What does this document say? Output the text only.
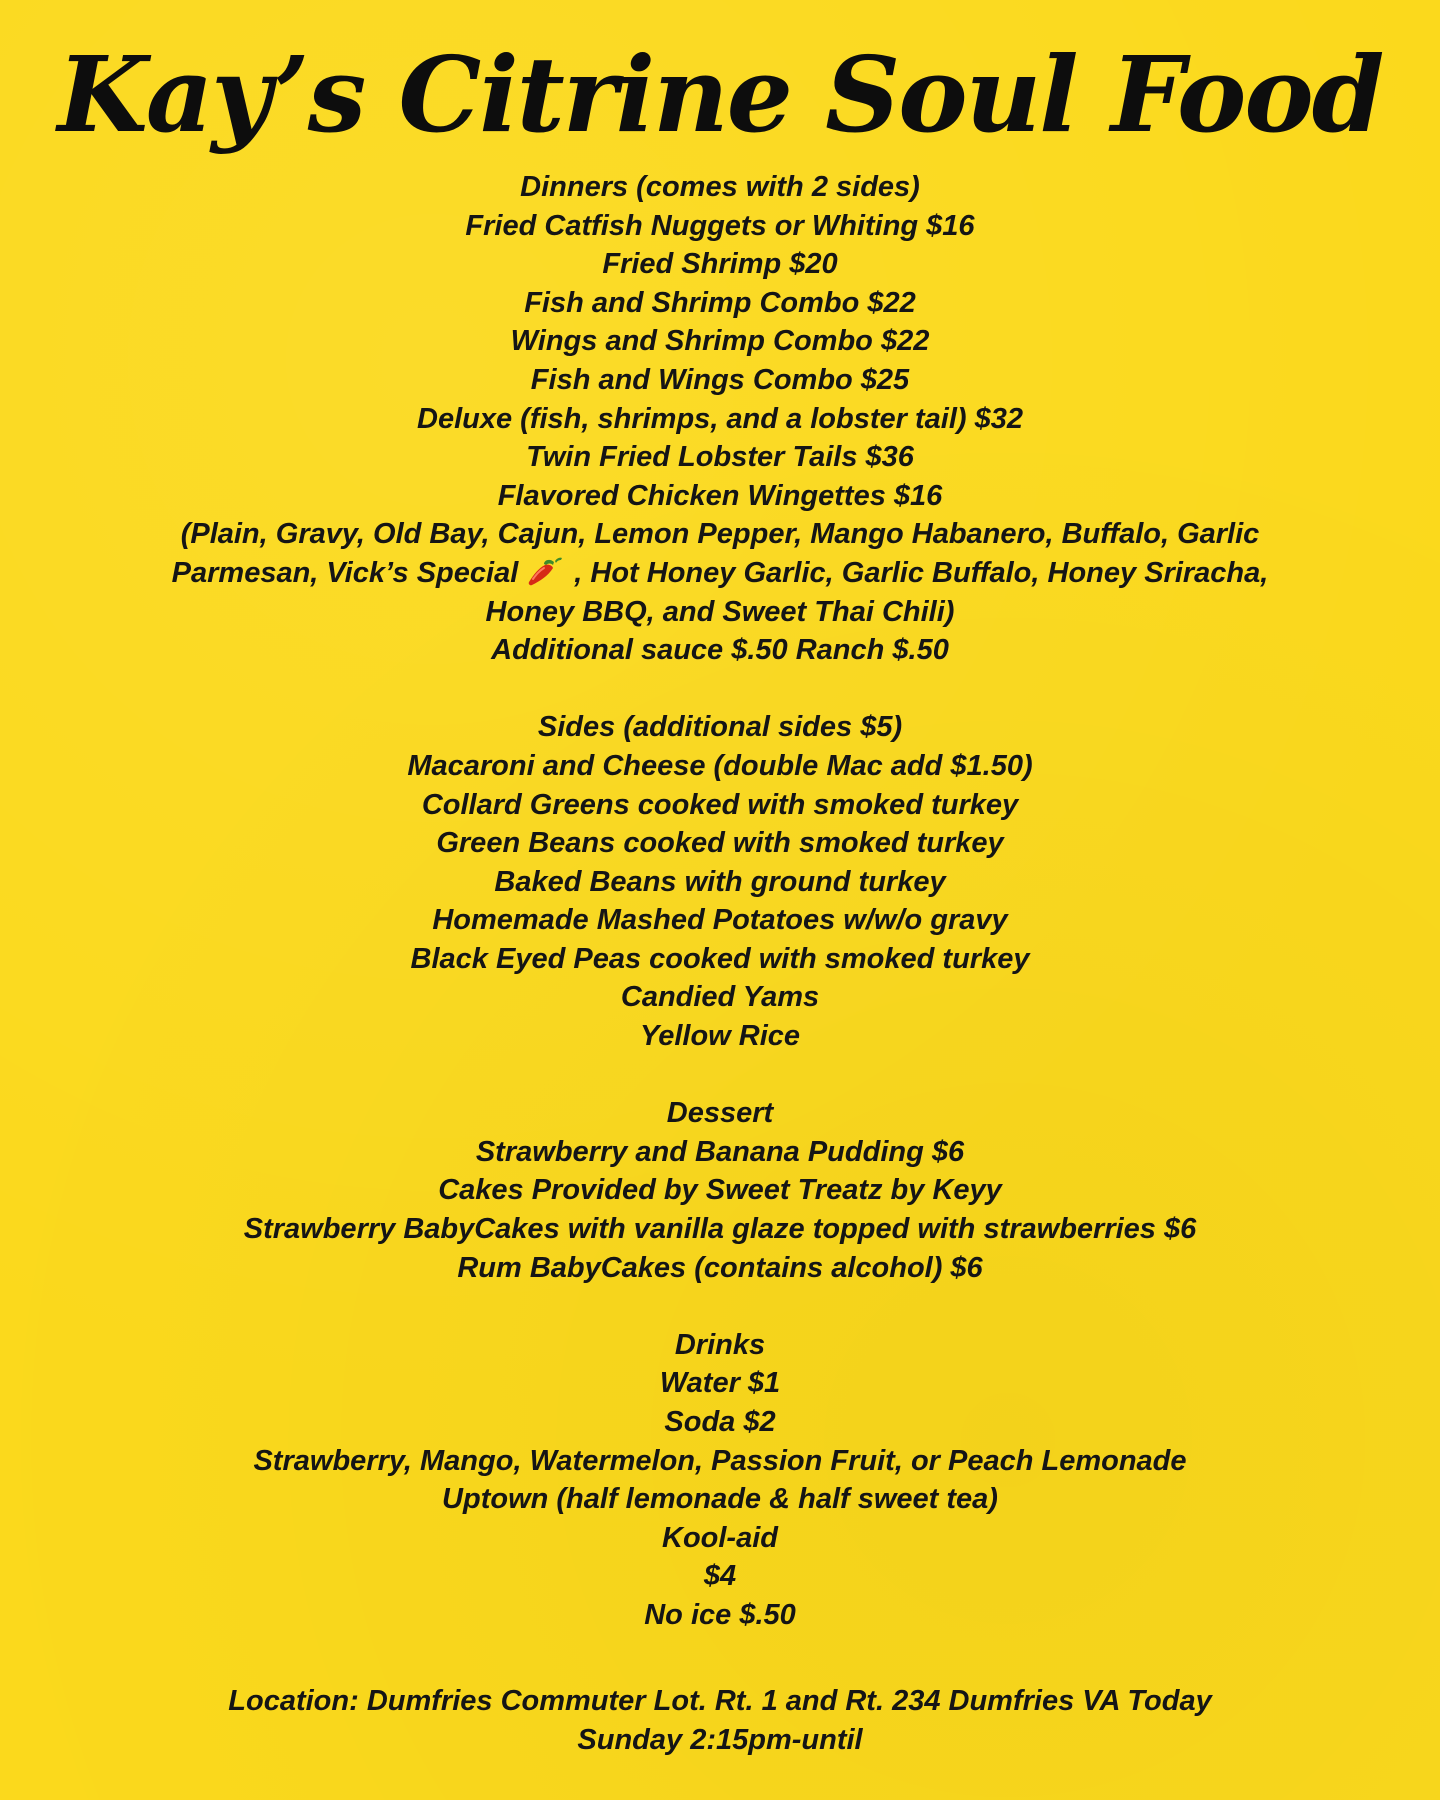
Kay’s Citrine Soul Food
Dinners (comes with 2 sides)
Fried Catfish Nuggets or Whiting $16
Fried Shrimp $20
Fish and Shrimp Combo $22
Wings and Shrimp Combo $22
Fish and Wings Combo $25
Deluxe (fish, shrimps, and a lobster tail) $32
Twin Fried Lobster Tails $36
Flavored Chicken Wingettes $16
(Plain, Gravy, Old Bay, Cajun, Lemon Pepper, Mango Habanero, Buffalo, Garlic
Parmesan, Vick’s Special , Hot Honey Garlic, Garlic Buffalo, Honey Sriracha,
Honey BBQ, and Sweet Thai Chili)
Additional sauce $.50 Ranch $.50
Sides (additional sides $5)
Macaroni and Cheese (double Mac add $1.50)
Collard Greens cooked with smoked turkey
Green Beans cooked with smoked turkey
Baked Beans with ground turkey
Homemade Mashed Potatoes w/w/o gravy
Black Eyed Peas cooked with smoked turkey
Candied Yams
Yellow Rice
Dessert
Strawberry and Banana Pudding $6
Cakes Provided by Sweet Treatz by Keyy
Strawberry BabyCakes with vanilla glaze topped with strawberries $6
Rum BabyCakes (contains alcohol) $6
Drinks
Water $1
Soda $2
Strawberry, Mango, Watermelon, Passion Fruit, or Peach Lemonade
Uptown (half lemonade & half sweet tea)
Kool-aid
$4
No ice $.50
Location: Dumfries Commuter Lot. Rt. 1 and Rt. 234 Dumfries VA Today
Sunday 2:15pm-until
